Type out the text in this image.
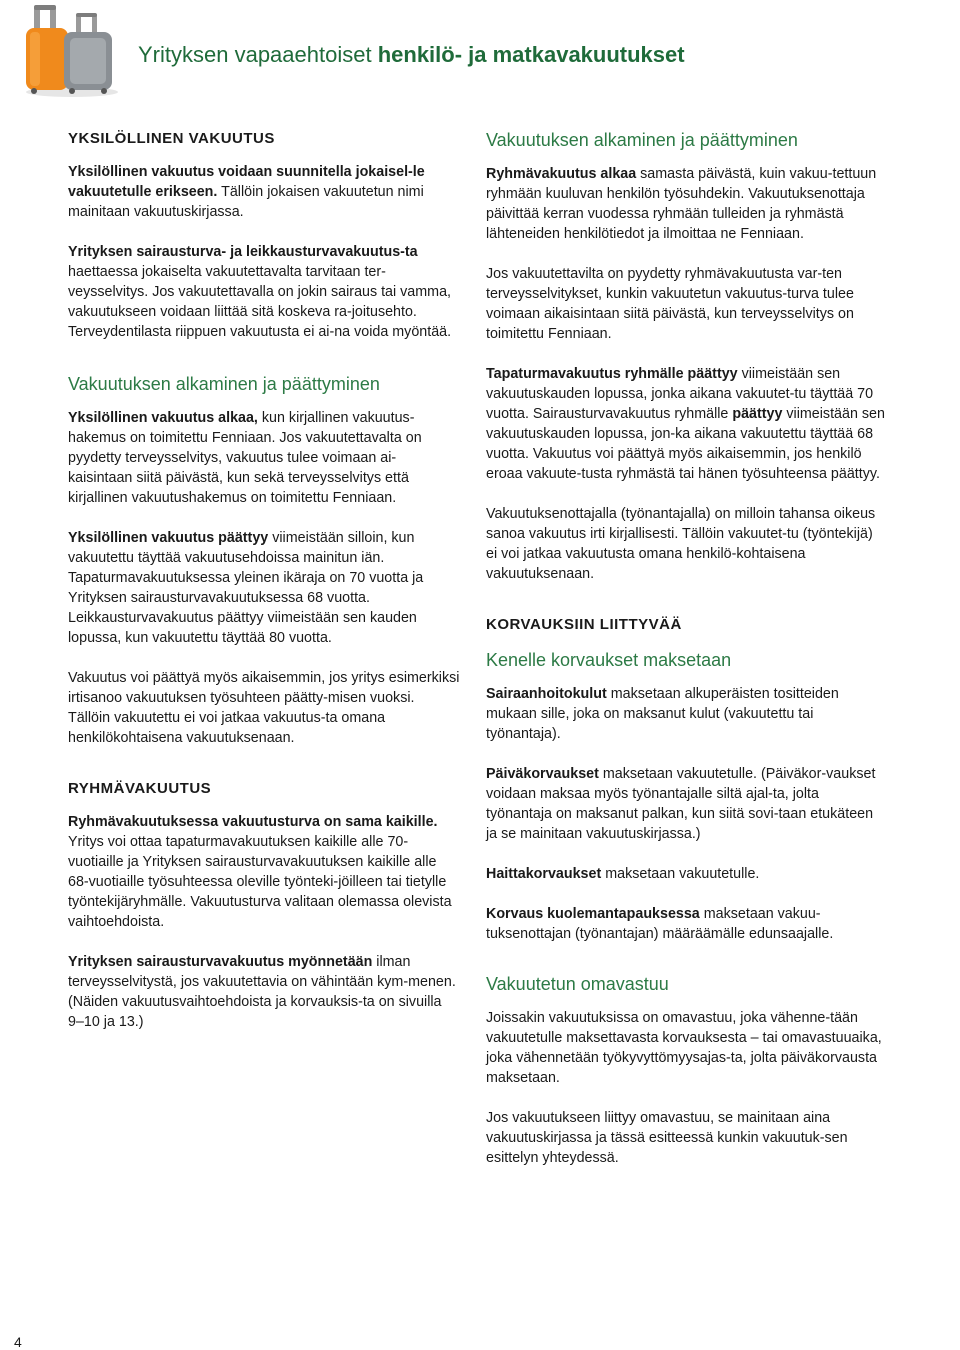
Yrityksen vapaaehtoiset henkilö- ja matkavakuutukset
YKSILÖLLINEN VAKUUTUS

Yksilöllinen vakuutus voidaan suunnitella jokaisel-le vakuutetulle erikseen. Tällöin jokaisen vakuutetun nimi mainitaan vakuutuskirjassa.

Yrityksen sairausturva- ja leikkausturvavakuutus-ta haettaessa jokaiselta vakuutettavalta tarvitaan ter-veysselvitys. Jos vakuutettavalla on jokin sairaus tai vamma, vakuutukseen voidaan liittää sitä koskeva ra-joitusehto. Terveydentilasta riippuen vakuutusta ei ai-na voida myöntää.

Vakuutuksen alkaminen ja päättyminen

Yksilöllinen vakuutus alkaa, kun kirjallinen vakuutus-hakemus on toimitettu Fenniaan. Jos vakuutettavalta on pyydetty terveysselvitys, vakuutus tulee voimaan ai-kaisintaan siitä päivästä, kun sekä terveysselvitys että kirjallinen vakuutushakemus on toimitettu Fenniaan.

Yksilöllinen vakuutus päättyy viimeistään silloin, kun vakuutettu täyttää vakuutusehdoissa mainitun iän. Tapaturmavakuutuksessa yleinen ikäraja on 70 vuotta ja Yrityksen sairausturvavakuutuksessa 68 vuotta. Leikkausturvavakuutus päättyy viimeistään sen kauden lopussa, kun vakuutettu täyttää 80 vuotta.

Vakuutus voi päättyä myös aikaisemmin, jos yritys esimerkiksi irtisanoo vakuutuksen työsuhteen päätty-misen vuoksi. Tällöin vakuutettu ei voi jatkaa vakuutus-ta omana henkilökohtaisena vakuutuksenaan.

RYHMÄVAKUUTUS

Ryhmävakuutuksessa vakuutusturva on sama kaikille. Yritys voi ottaa tapaturmavakuutuksen kaikille alle 70-vuotiaille ja Yrityksen sairausturvavakuutuksen kaikille alle 68-vuotiaille työsuhteessa oleville työnteki-jöilleen tai tietylle työntekijäryhmälle. Vakuutusturva valitaan olemassa olevista vaihtoehdoista.

Yrityksen sairausturvavakuutus myönnetään ilman terveysselvitystä, jos vakuutettavia on vähintään kym-menen. (Näiden vakuutusvaihtoehdoista ja korvauksis-ta on sivuilla 9–10 ja 13.)

Vakuutuksen alkaminen ja päättyminen

Ryhmävakuutus alkaa samasta päivästä, kuin vakuu-tettuun ryhmään kuuluvan henkilön työsuhdekin. Vakuutuksenottaja päivittää kerran vuodessa ryhmään tulleiden ja ryhmästä lähteneiden henkilötiedot ja ilmoittaa ne Fenniaan.

Jos vakuutettavilta on pyydetty ryhmävakuutusta var-ten terveysselvitykset, kunkin vakuutetun vakuutus-turva tulee voimaan aikaisintaan siitä päivästä, kun terveysselvitys on toimitettu Fenniaan.

Tapaturmavakuutus ryhmälle päättyy viimeistään sen vakuutuskauden lopussa, jonka aikana vakuutet-tu täyttää 70 vuotta. Sairausturvavakuutus ryhmälle päättyy viimeistään sen vakuutuskauden lopussa, jon-ka aikana vakuutettu täyttää 68 vuotta. Vakuutus voi päättyä myös aikaisemmin, jos henkilö eroaa vakuute-tusta ryhmästä tai hänen työsuhteensa päättyy.

Vakuutuksenottajalla (työnantajalla) on milloin tahansa oikeus sanoa vakuutus irti kirjallisesti. Tällöin vakuutet-tu (työntekijä) ei voi jatkaa vakuutusta omana henkilö-kohtaisena vakuutuksenaan.

KORVAUKSIIN LIITTYVÄÄ
Kenelle korvaukset maksetaan

Sairaanhoitokulut maksetaan alkuperäisten tositteiden mukaan sille, joka on maksanut kulut (vakuutettu tai työnantaja).

Päiväkorvaukset maksetaan vakuutetulle. (Päiväkor-vaukset voidaan maksaa myös työnantajalle siltä ajal-ta, jolta työnantaja on maksanut palkan, kun siitä sovi-taan etukäteen ja se mainitaan vakuutuskirjassa.)

Haittakorvaukset maksetaan vakuutetulle.

Korvaus kuolemantapauksessa maksetaan vakuu-tuksenottajan (työnantajan) määräämälle edunsaajalle.

Vakuutetun omavastuu

Joissakin vakuutuksissa on omavastuu, joka vähenne-tään vakuutetulle maksettavasta korvauksesta – tai omavastuuaika, joka vähennetään työkyvyttömyysajas-ta, jolta päiväkorvausta maksetaan.

Jos vakuutukseen liittyy omavastuu, se mainitaan aina vakuutuskirjassa ja tässä esitteessä kunkin vakuutuk-sen esittelyn yhteydessä.

4
